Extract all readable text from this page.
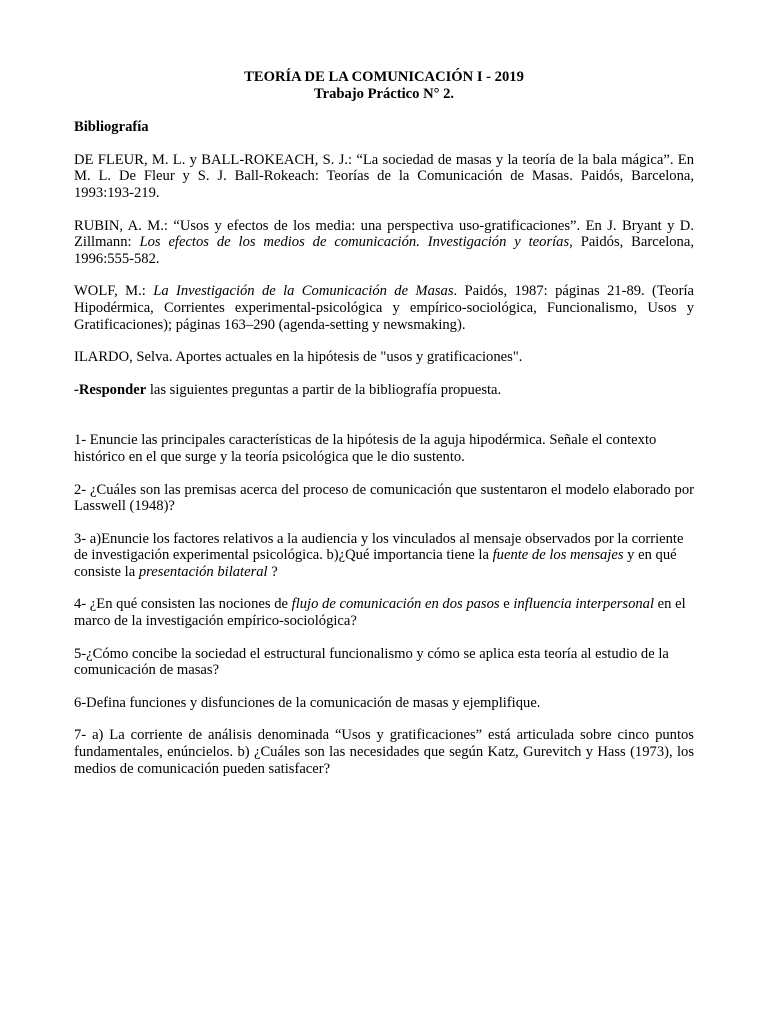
TEORÍA DE LA COMUNICACIÓN I - 2019
Trabajo Práctico N° 2.

Bibliografía

DE FLEUR, M. L. y BALL-ROKEACH, S. J.: “La sociedad de masas y la teoría de la bala mágica”. En M. L. De Fleur y S. J. Ball-Rokeach: Teorías de la Comunicación de Masas. Paidós, Barcelona, 1993:193-219.

RUBIN, A. M.: “Usos y efectos de los media: una perspectiva uso-gratificaciones”. En J. Bryant y D. Zillmann: Los efectos de los medios de comunicación. Investigación y teorías, Paidós, Barcelona, 1996:555-582.

WOLF, M.: La Investigación de la Comunicación de Masas. Paidós, 1987: páginas 21-89. (Teoría Hipodérmica, Corrientes experimental-psicológica y empírico-sociológica, Funcionalismo, Usos y Gratificaciones); páginas 163–290 (agenda-setting y newsmaking).

ILARDO, Selva. Aportes actuales en la hipótesis de "usos y gratificaciones".

-Responder las siguientes preguntas a partir de la bibliografía propuesta.

1- Enuncie las principales características de la hipótesis de la aguja hipodérmica. Señale el contexto histórico en el que surge y la teoría psicológica que le dio sustento.

2- ¿Cuáles son las premisas acerca del proceso de comunicación que sustentaron el modelo elaborado por Lasswell (1948)?

3- a)Enuncie los factores relativos a la audiencia y los vinculados al mensaje observados por la corriente de investigación experimental psicológica. b)¿Qué importancia tiene la fuente de los mensajes y en qué consiste la presentación bilateral ?

4- ¿En qué consisten las nociones de flujo de comunicación en dos pasos e influencia interpersonal en el marco de la investigación empírico-sociológica?

5-¿Cómo concibe la sociedad el estructural funcionalismo y cómo se aplica esta teoría al estudio de la comunicación de masas?

6-Defina funciones y disfunciones de la comunicación de masas y ejemplifique.

7- a) La corriente de análisis denominada “Usos y gratificaciones” está articulada sobre cinco puntos fundamentales, enúncielos. b) ¿Cuáles son las necesidades que según Katz, Gurevitch y Hass (1973), los medios de comunicación pueden satisfacer?
